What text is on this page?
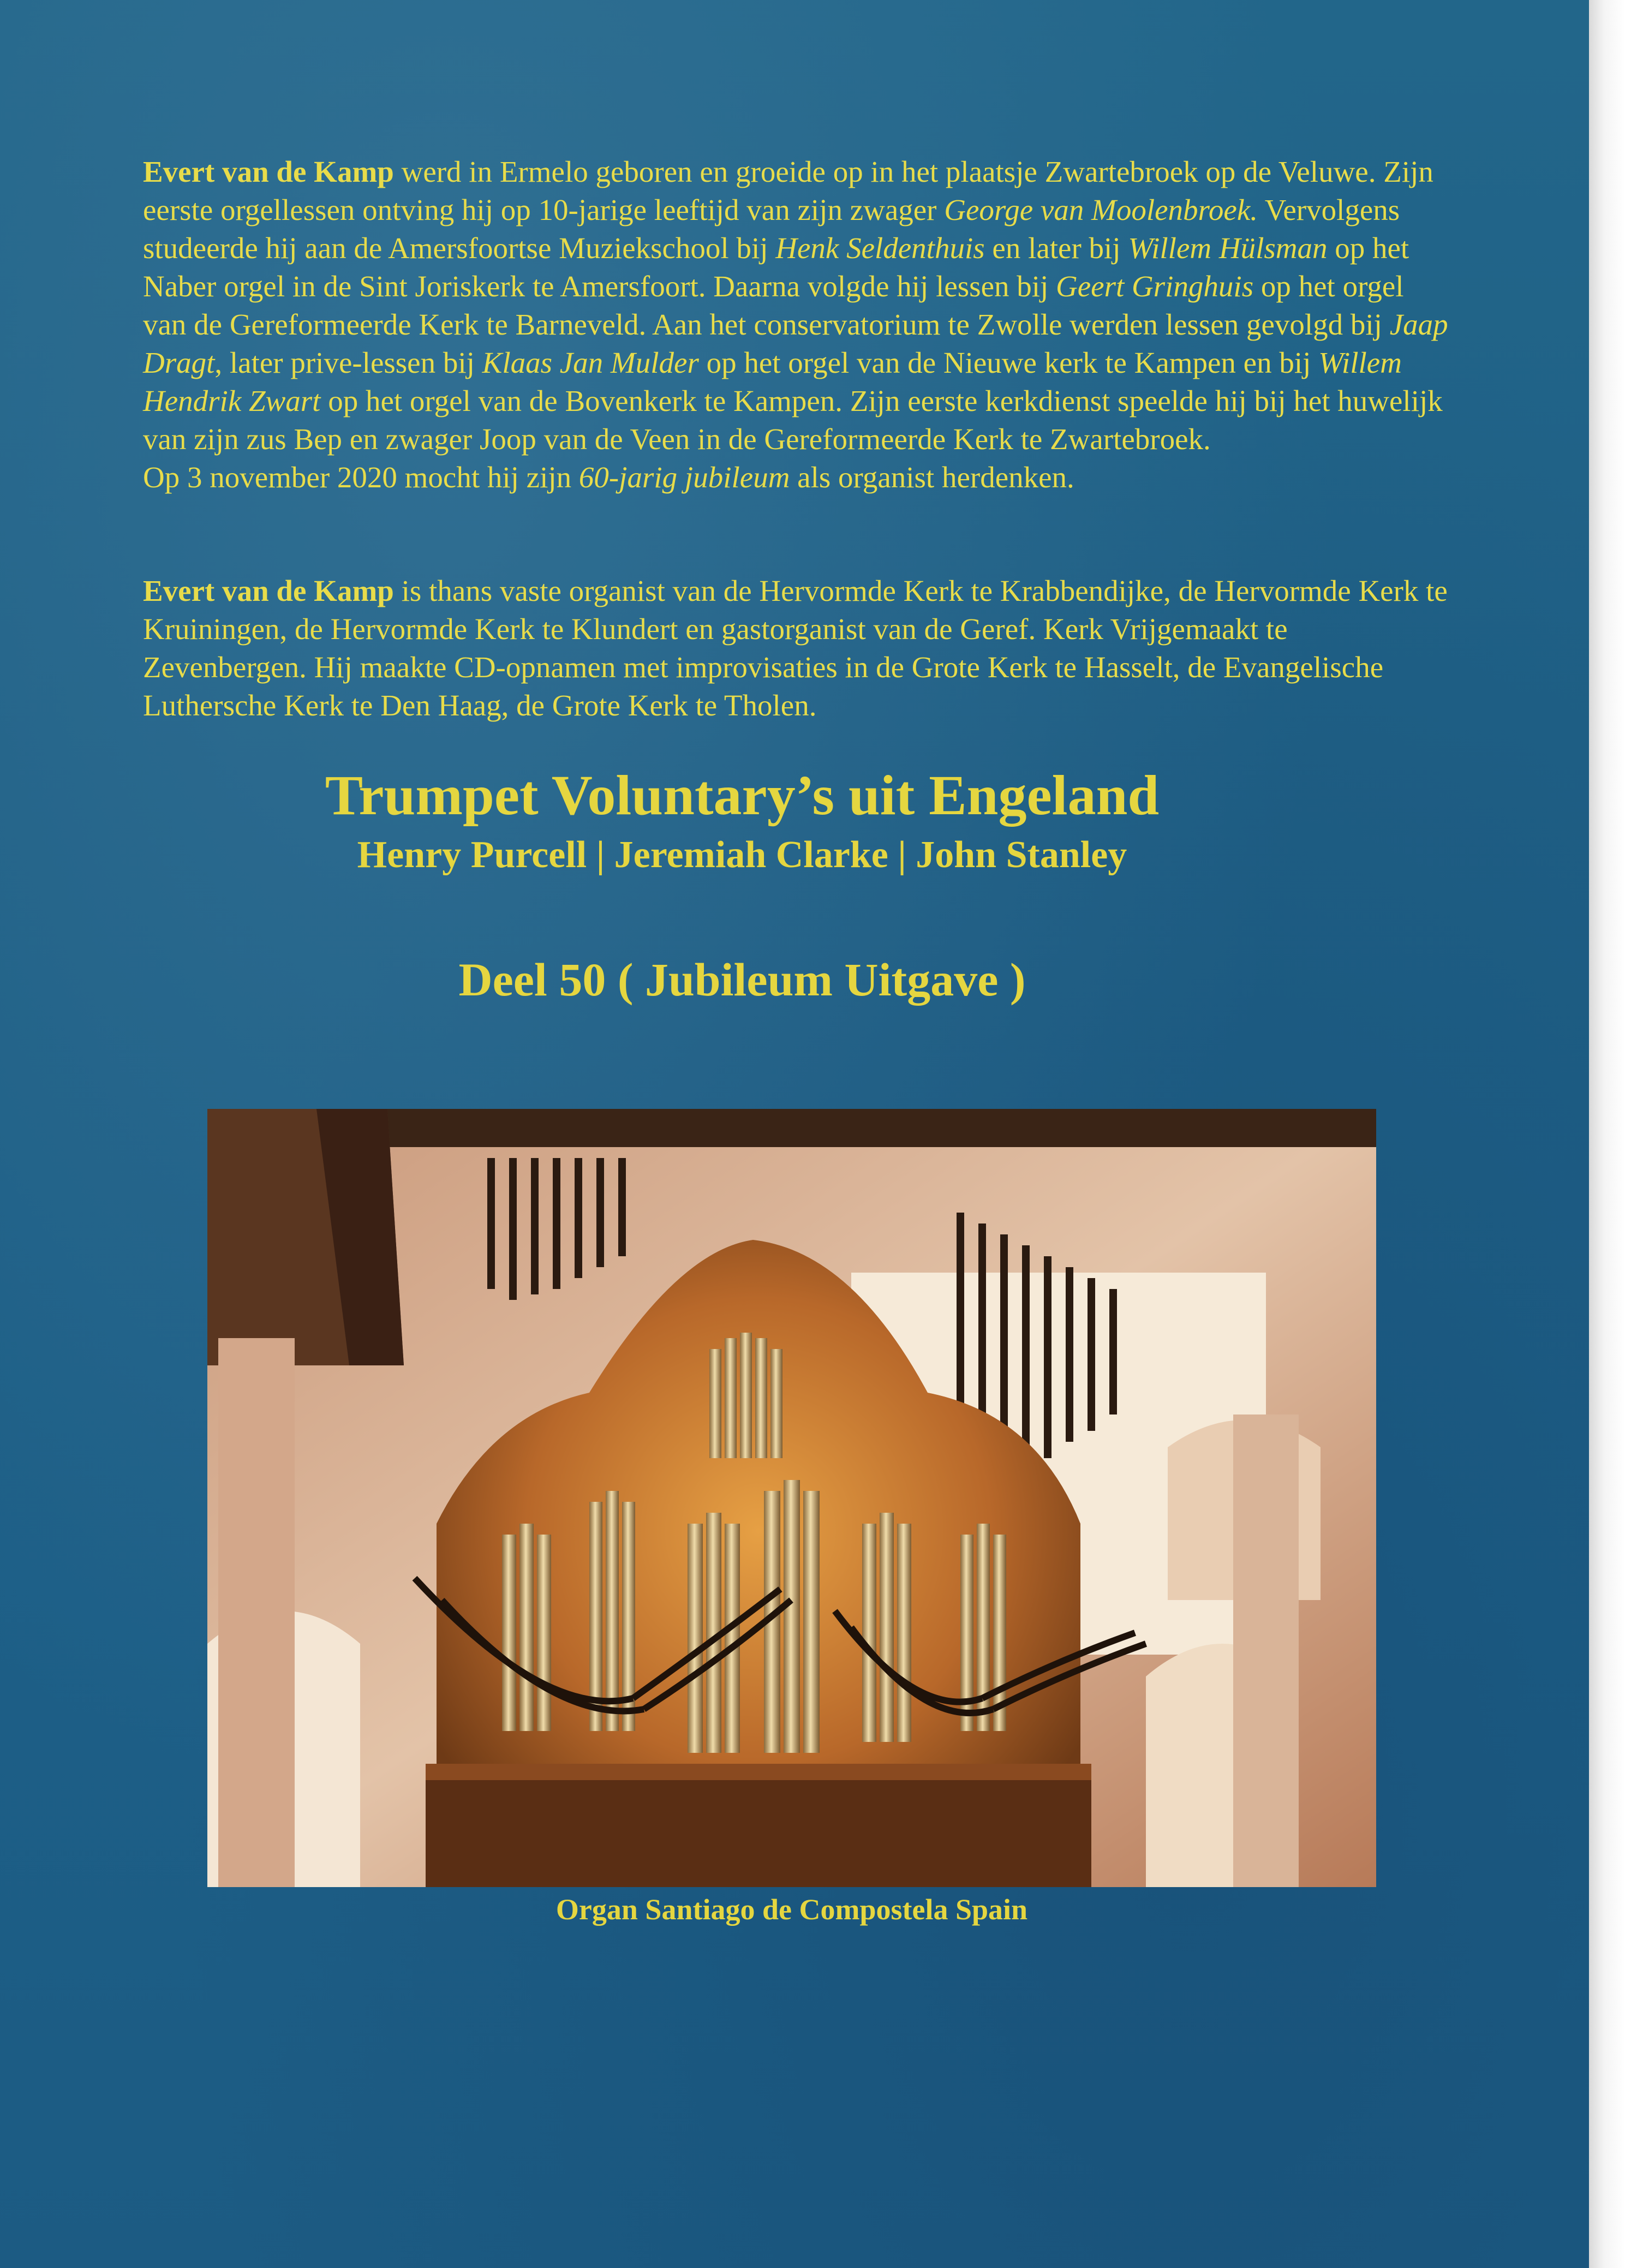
Evert van de Kamp werd in Ermelo geboren en groeide op in het plaatsje Zwartebroek op de Veluwe. Zijn eerste orgellessen ontving hij op 10-jarige leeftijd van zijn zwager George van Moolenbroek. Vervolgens studeerde hij aan de Amersfoortse Muziekschool bij Henk Seldenthuis en later bij Willem Hülsman op het Naber orgel in de Sint Joriskerk te Amersfoort. Daarna volgde hij lessen bij Geert Gringhuis op het orgel van de Gereformeerde Kerk te Barneveld. Aan het conservatorium te Zwolle werden lessen gevolgd bij Jaap Dragt, later prive-lessen bij Klaas Jan Mulder op het orgel van de Nieuwe kerk te Kampen en bij Willem Hendrik Zwart op het orgel van de Bovenkerk te Kampen. Zijn eerste kerkdienst speelde hij bij het huwelijk van zijn zus Bep en zwager Joop van de Veen in de Gereformeerde Kerk te Zwartebroek.

Op 3 november 2020 mocht hij zijn 60-jarig jubileum als organist herdenken.

Evert van de Kamp is thans vaste organist van de Hervormde Kerk te Krabbendijke, de Hervormde Kerk te Kruiningen, de Hervormde Kerk te Klundert en gastorganist van de Geref. Kerk Vrijgemaakt te Zevenbergen. Hij maakte CD-opnamen met improvisaties in de Grote Kerk te Hasselt, de Evangelische Luthersche Kerk te Den Haag, de Grote Kerk te Tholen.

Trumpet Voluntary’s uit Engeland
Henry Purcell | Jeremiah Clarke | John Stanley
Deel 50 ( Jubileum Uitgave )
Organ Santiago de Compostela Spain
